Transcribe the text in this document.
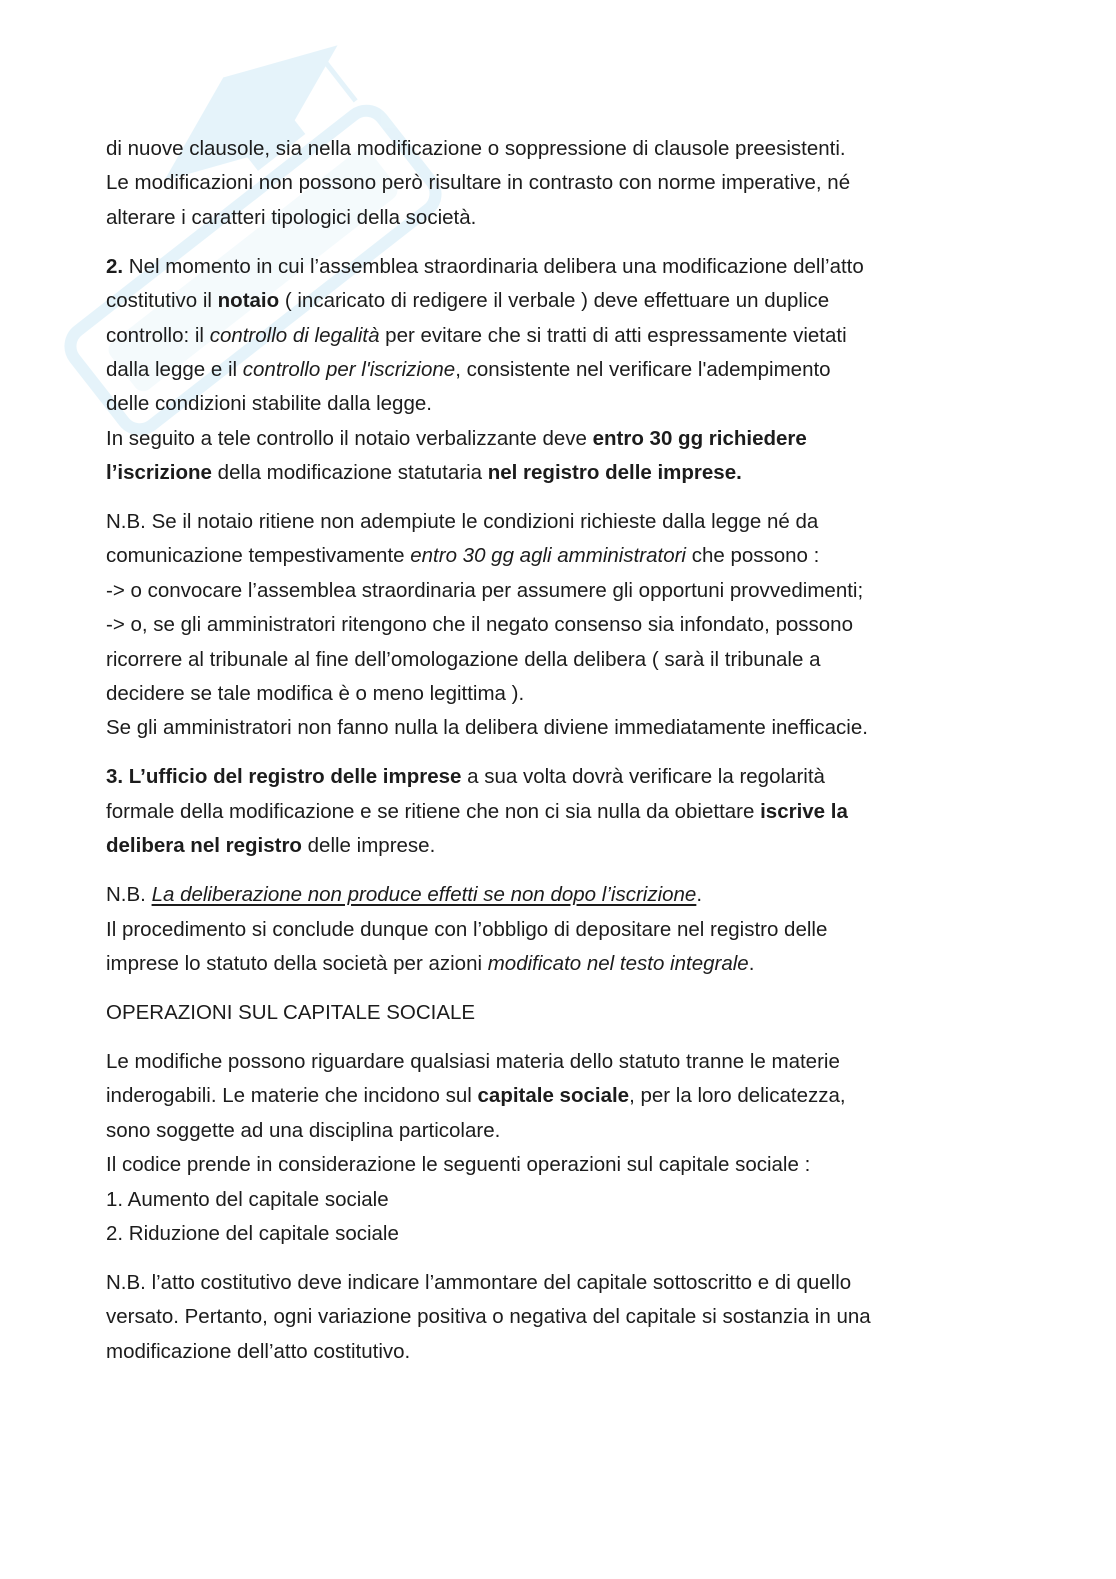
di nuove clausole, sia nella modificazione o soppressione di clausole preesistenti.
Le modificazioni non possono però risultare in contrasto con norme imperative, né
alterare i caratteri tipologici della società.
2. Nel momento in cui l’assemblea straordinaria delibera una modificazione dell’atto
costitutivo il notaio ( incaricato di redigere il verbale ) deve effettuare un duplice
controllo: il controllo di legalità per evitare che si tratti di atti espressamente vietati
dalla legge e il controllo per l'iscrizione, consistente nel verificare l'adempimento
delle condizioni stabilite dalla legge.
In seguito a tele controllo il notaio verbalizzante deve entro 30 gg richiedere
l’iscrizione della modificazione statutaria nel registro delle imprese.
N.B. Se il notaio ritiene non adempiute le condizioni richieste dalla legge né da
comunicazione tempestivamente entro 30 gg agli amministratori che possono :
-> o convocare l’assemblea straordinaria per assumere gli opportuni provvedimenti;
-> o, se gli amministratori ritengono che il negato consenso sia infondato, possono
ricorrere al tribunale al fine dell’omologazione della delibera ( sarà il tribunale a
decidere se tale modifica è o meno legittima ).
Se gli amministratori non fanno nulla la delibera diviene immediatamente inefficacie.
3. L’ufficio del registro delle imprese a sua volta dovrà verificare la regolarità
formale della modificazione e se ritiene che non ci sia nulla da obiettare iscrive la
delibera nel registro delle imprese.
N.B. La deliberazione non produce effetti se non dopo l’iscrizione.
Il procedimento si conclude dunque con l’obbligo di depositare nel registro delle
imprese lo statuto della società per azioni modificato nel testo integrale.
OPERAZIONI SUL CAPITALE SOCIALE
Le modifiche possono riguardare qualsiasi materia dello statuto tranne le materie
inderogabili. Le materie che incidono sul capitale sociale, per la loro delicatezza,
sono soggette ad una disciplina particolare.
Il codice prende in considerazione le seguenti operazioni sul capitale sociale :
1. Aumento del capitale sociale
2. Riduzione del capitale sociale
N.B. l’atto costitutivo deve indicare l’ammontare del capitale sottoscritto e di quello
versato. Pertanto, ogni variazione positiva o negativa del capitale si sostanzia in una
modificazione dell’atto costitutivo.
